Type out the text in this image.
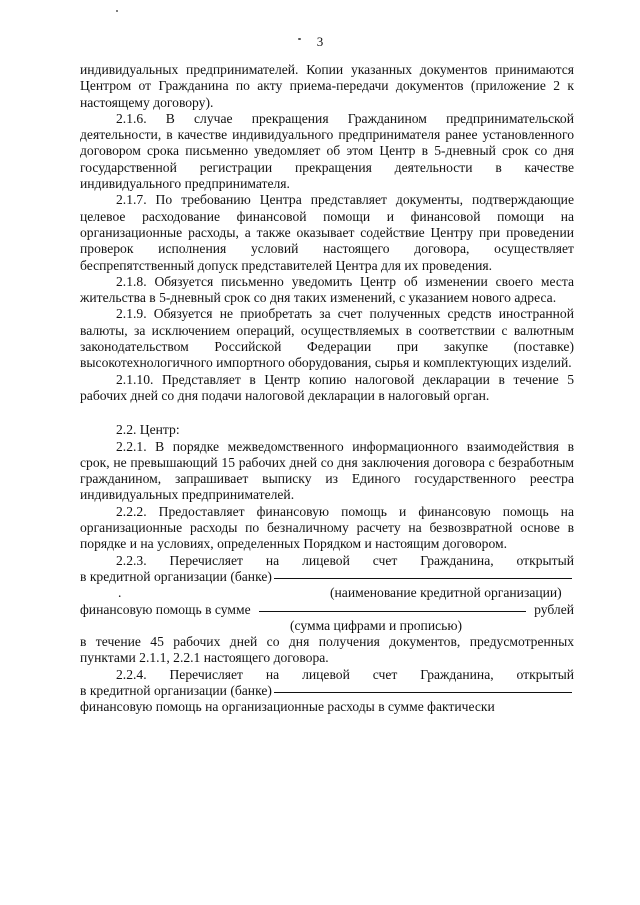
3

индивидуальных предпринимателей. Копии указанных документов принимаются Центром от Гражданина по акту приема-передачи документов (приложение 2 к настоящему договору).

2.1.6. В случае прекращения Гражданином предпринимательской деятельности, в качестве индивидуального предпринимателя ранее установленного договором срока письменно уведомляет об этом Центр в 5-дневный срок со дня государственной регистрации прекращения деятельности в качестве индивидуального предпринимателя.

2.1.7. По требованию Центра представляет документы, подтверждающие целевое расходование финансовой помощи и финансовой помощи на организационные расходы, а также оказывает содействие Центру при проведении проверок исполнения условий настоящего договора, осуществляет беспрепятственный допуск представителей Центра для их проведения.

2.1.8. Обязуется письменно уведомить Центр об изменении своего места жительства в 5-дневный срок со дня таких изменений, с указанием нового адреса.

2.1.9. Обязуется не приобретать за счет полученных средств иностранной валюты, за исключением операций, осуществляемых в соответствии с валютным законодательством Российской Федерации при закупке (поставке) высокотехнологичного импортного оборудования, сырья и комплектующих изделий.

2.1.10. Представляет в Центр копию налоговой декларации в течение 5 рабочих дней со дня подачи налоговой декларации в налоговый орган.

2.2. Центр:

2.2.1. В порядке межведомственного информационного взаимодействия в срок, не превышающий 15 рабочих дней со дня заключения договора с безработным гражданином, запрашивает выписку из Единого государственного реестра индивидуальных предпринимателей.

2.2.2. Предоставляет финансовую помощь и финансовую помощь на организационные расходы по безналичному расчету на безвозвратной основе в порядке и на условиях, определенных Порядком и настоящим договором.

2.2.3. Перечисляет на лицевой счет Гражданина, открытый
в кредитной организации (банке)
.	(наименование кредитной организации)
финансовую помощь в сумме	рублей
(сумма цифрами и прописью)

в течение 45 рабочих дней со дня получения документов, предусмотренных пунктами 2.1.1, 2.2.1 настоящего договора.

2.2.4. Перечисляет на лицевой счет Гражданина, открытый
в кредитной организации (банке)
финансовую помощь на организационные расходы в сумме фактически
